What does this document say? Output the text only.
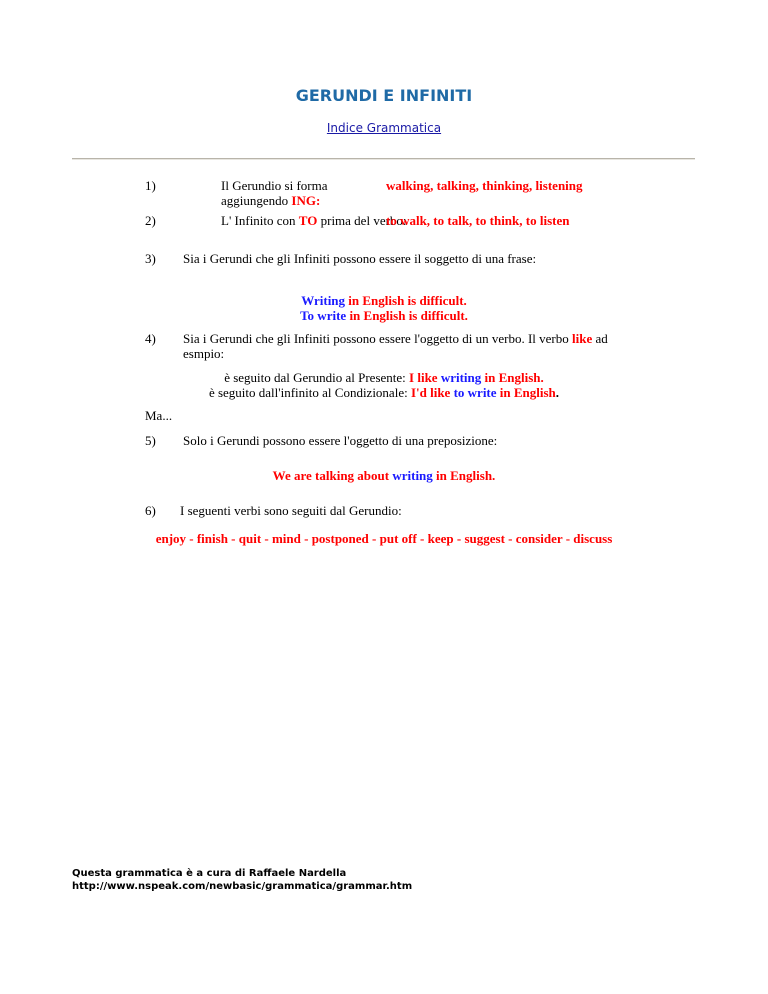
GERUNDI E INFINITI
Indice Grammatica
1)	Il Gerundio si forma aggiungendo ING:
walking, talking, thinking, listening
2)	L' Infinito con TO prima del verbo:
to walk, to talk, to think, to listen
3) Sia i Gerundi che gli Infiniti possono essere il soggetto di una frase:
Writing in English is difficult.
To write in English is difficult.
4) Sia i Gerundi che gli Infiniti possono essere l'oggetto di un verbo. Il verbo like ad
esmpio:
è seguito dal Gerundio al Presente: I like writing in English.
è seguito dall'infinito al Condizionale: I'd like to write in English.
Ma...
5) Solo i Gerundi possono essere l'oggetto di una preposizione:
We are talking about writing in English.
6) I seguenti verbi sono seguiti dal Gerundio:
enjoy - finish - quit - mind - postponed - put off - keep - suggest - consider - discuss
Questa grammatica è a cura di Raffaele Nardella
http://www.nspeak.com/newbasic/grammatica/grammar.htm
